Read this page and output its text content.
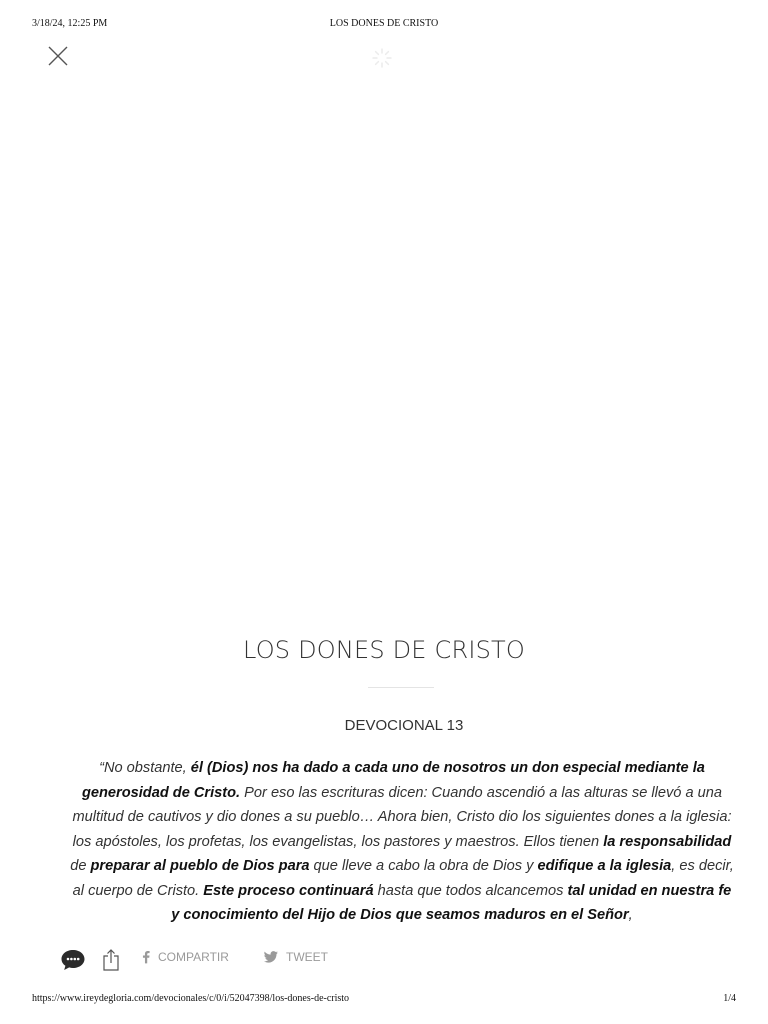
3/18/24, 12:25 PM	LOS DONES DE CRISTO
LOS DONES DE CRISTO
DEVOCIONAL 13

“No obstante, él (Dios) nos ha dado a cada uno de nosotros un don especial mediante la generosidad de Cristo. Por eso las escrituras dicen: Cuando ascendió a las alturas se llevó a una multitud de cautivos y dio dones a su pueblo… Ahora bien, Cristo dio los siguientes dones a la iglesia: los apóstoles, los profetas, los evangelistas, los pastores y maestros. Ellos tienen la responsabilidad de preparar al pueblo de Dios para que lleve a cabo la obra de Dios y edifique a la iglesia, es decir, al cuerpo de Cristo. Este proceso continuará hasta que todos alcancemos tal unidad en nuestra fe y conocimiento del Hijo de Dios que seamos maduros en el Señor,

COMPARTIR	TWEET
https://www.ireydegloria.com/devocionales/c/0/i/52047398/los-dones-de-cristo	1/4
